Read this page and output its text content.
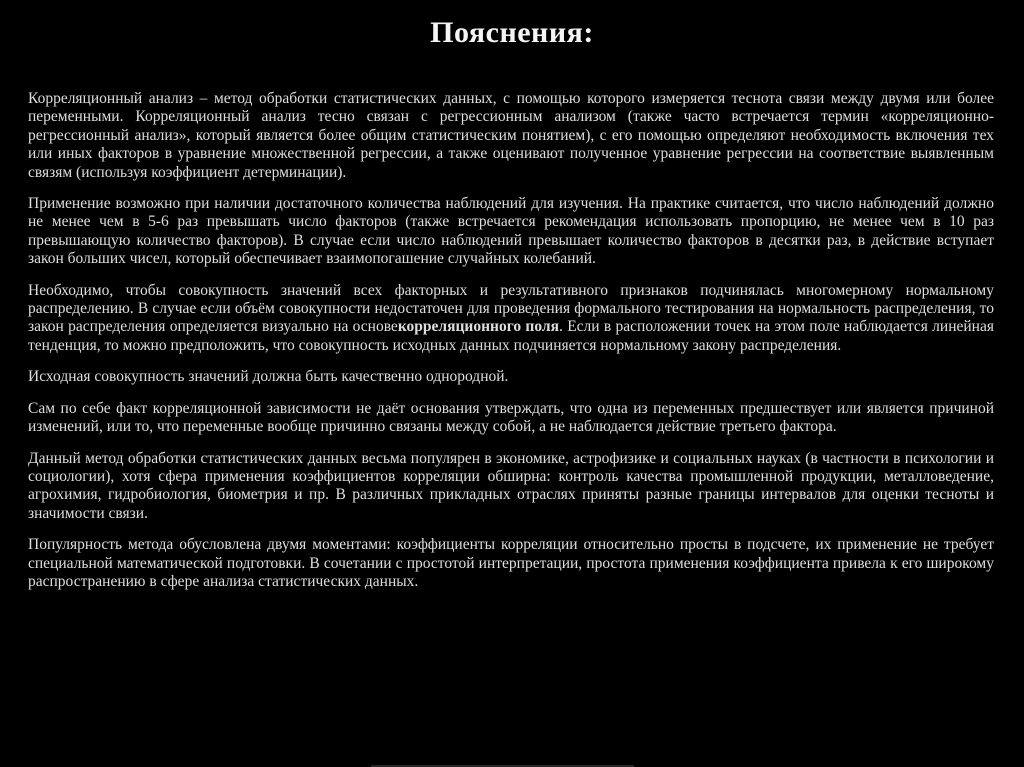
Пояснения:

Корреляционный анализ – метод обработки статистических данных, с помощью которого измеряется теснота связи между двумя или более переменными. Корреляционный анализ тесно связан с регрессионным анализом (также часто встречается термин «корреляционно-регрессионный анализ», который является более общим статистическим понятием), с его помощью определяют необходимость включения тех или иных факторов в уравнение множественной регрессии, а также оценивают полученное уравнение регрессии на соответствие выявленным связям (используя коэффициент детерминации).

Применение возможно при наличии достаточного количества наблюдений для изучения. На практике считается, что число наблюдений должно не менее чем в 5-6 раз превышать число факторов (также встречается рекомендация использовать пропорцию, не менее чем в 10 раз превышающую количество факторов). В случае если число наблюдений превышает количество факторов в десятки раз, в действие вступает закон больших чисел, который обеспечивает взаимопогашение случайных колебаний.

Необходимо, чтобы совокупность значений всех факторных и результативного признаков подчинялась многомерному нормальному распределению. В случае если объём совокупности недостаточен для проведения формального тестирования на нормальность распределения, то закон распределения определяется визуально на основекорреляционного поля. Если в расположении точек на этом поле наблюдается линейная тенденция, то можно предположить, что совокупность исходных данных подчиняется нормальному закону распределения.

Исходная совокупность значений должна быть качественно однородной.

Сам по себе факт корреляционной зависимости не даёт основания утверждать, что одна из переменных предшествует или является причиной изменений, или то, что переменные вообще причинно связаны между собой, а не наблюдается действие третьего фактора.

Данный метод обработки статистических данных весьма популярен в экономике, астрофизике и социальных науках (в частности в психологии и социологии), хотя сфера применения коэффициентов корреляции обширна: контроль качества промышленной продукции, металловедение, агрохимия, гидробиология, биометрия и пр. В различных прикладных отраслях приняты разные границы интервалов для оценки тесноты и значимости связи.

Популярность метода обусловлена двумя моментами: коэффициенты корреляции относительно просты в подсчете, их применение не требует специальной математической подготовки. В сочетании с простотой интерпретации, простота применения коэффициента привела к его широкому распространению в сфере анализа статистических данных.
